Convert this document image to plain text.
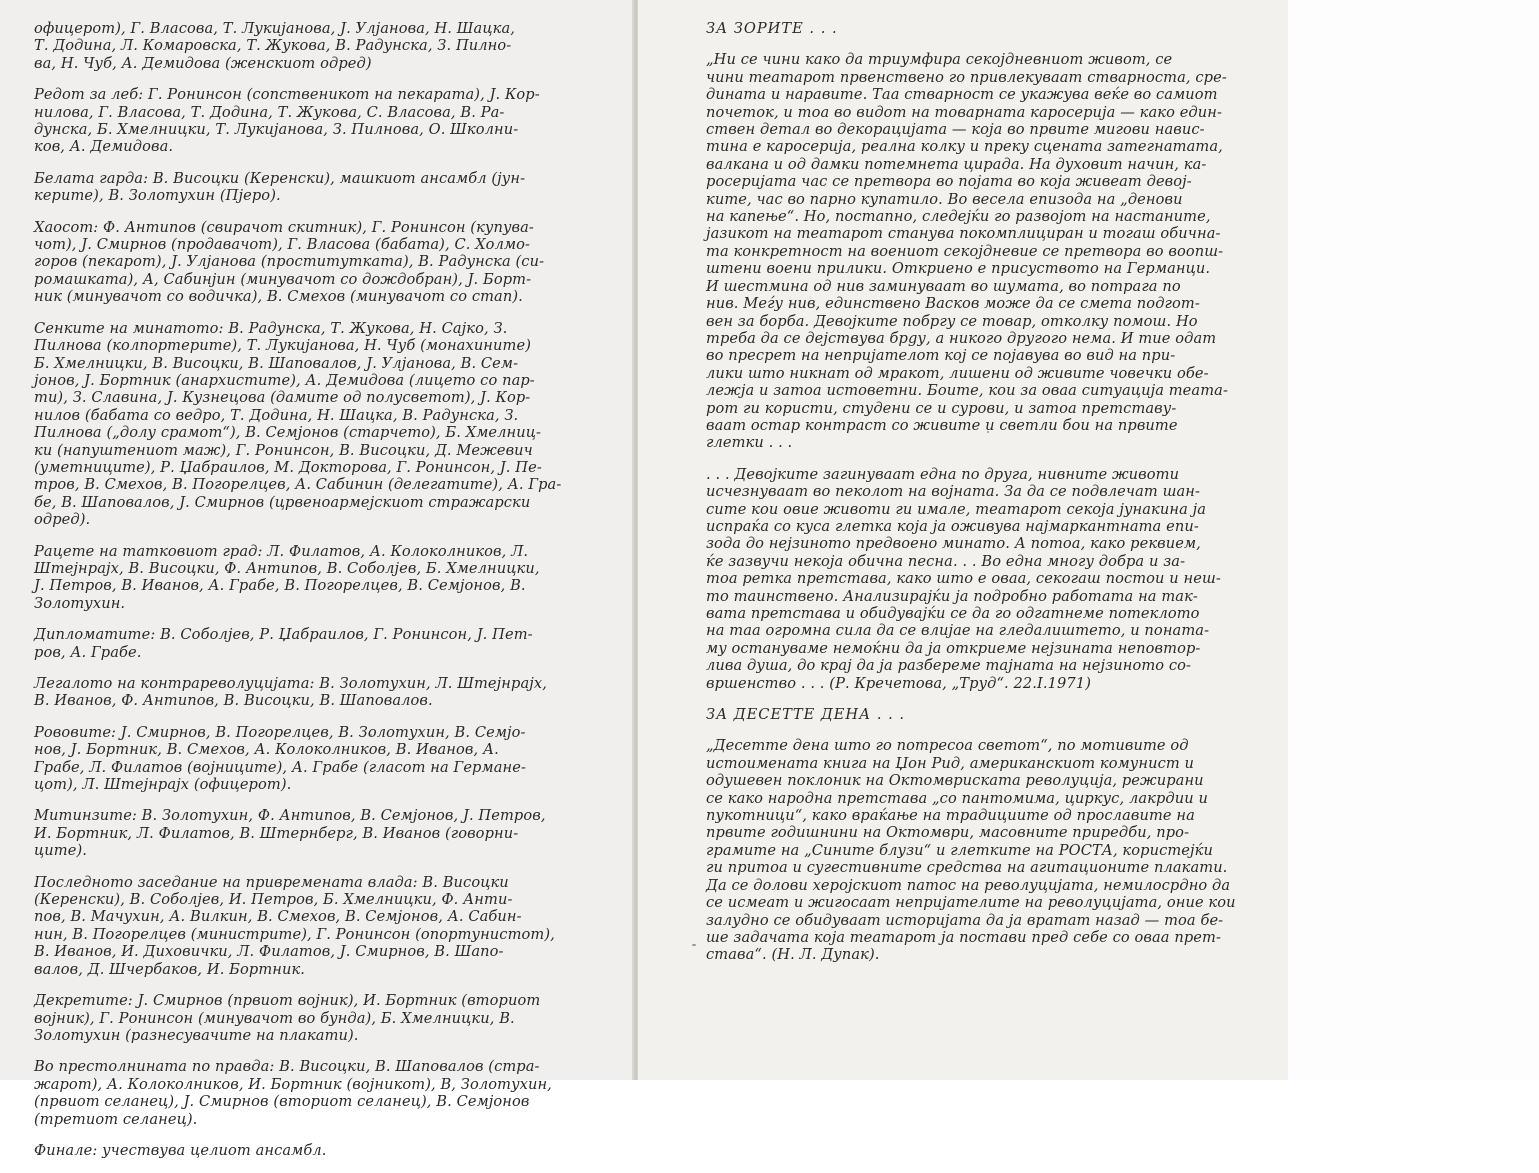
офицерот), Г. Власова, Т. Лукијанова, Ј. Улјанова, Н. Шацка,
Т. Додина, Л. Комаровска, Т. Жукова, В. Радунска, З. Пилно-
ва, Н. Чуб, А. Демидова (женскиот одред)
Редот за леб: Г. Ронинсон (сопственикот на пекарата), Ј. Кор-
нилова, Г. Власова, Т. Додина, Т. Жукова, С. Власова, В. Ра-
дунска, Б. Хмелницки, Т. Лукијанова, З. Пилнова, О. Школни-
ков, А. Демидова.
Белата гарда: В. Висоцки (Керенски), машкиот ансамбл (јун-
керите), В. Золотухин (Пјеро).
Хаосот: Ф. Антипов (свирачот скитник), Г. Ронинсон (купува-
чот), Ј. Смирнов (продавачот), Г. Власова (бабата), С. Холмо-
горов (пекарот), Ј. Улјанова (проститутката), В. Радунска (си-
ромашката), А, Сабинјин (минувачот со дождобран), Ј. Борт-
ник (минувачот со водичка), В. Смехов (минувачот со стап).
Сенките на минатото: В. Радунска, Т. Жукова, Н. Сајко, З.
Пилнова (колпортерите), Т. Лукијанова, Н. Чуб (монахините)
Б. Хмелницки, В. Висоцки, В. Шаповалов, Ј. Улјанова, В. Сем-
јонов, Ј. Бортник (анархистите), А. Демидова (лицето со пар-
ти), З. Славина, Ј. Кузнецова (дамите од полусветот), Ј. Кор-
нилов (бабата со ведро, Т. Додина, Н. Шацка, В. Радунска, З.
Пилнова („долу срамот“), В. Семјонов (старчето), Б. Хмелниц-
ки (напуштениот маж), Г. Ронинсон, В. Висоцки, Д. Межевич
(уметниците), Р. Џабраилов, М. Докторова, Г. Ронинсон, Ј. Пе-
тров, В. Смехов, В. Погорелцев, А. Сабинин (делегатите), А. Гра-
бе, В. Шаповалов, Ј. Смирнов (црвеноармејскиот стражарски
одред).
Рацете на татковиот град: Л. Филатов, А. Колоколников, Л.
Штејнрајх, В. Висоцки, Ф. Антипов, В. Соболјев, Б. Хмелницки,
Ј. Петров, В. Иванов, А. Грабе, В. Погорелцев, В. Семјонов, В.
Золотухин.
Дипломатите: В. Соболјев, Р. Џабраилов, Г. Ронинсон, Ј. Пет-
ров, А. Грабе.
Легалото на контрареволуцијата: В. Золотухин, Л. Штејнрајх,
В. Иванов, Ф. Антипов, В. Висоцки, В. Шаповалов.
Рововите: Ј. Смирнов, В. Погорелцев, В. Золотухин, В. Семјо-
нов, Ј. Бортник, В. Смехов, А. Колоколников, В. Иванов, А.
Грабе, Л. Филатов (војниците), А. Грабе (гласот на Германе-
цот), Л. Штејнрајх (офицерот).
Митинзите: В. Золотухин, Ф. Антипов, В. Семјонов, Ј. Петров,
И. Бортник, Л. Филатов, В. Штернберг, В. Иванов (говорни-
ците).
Последното заседание на привремената влада: В. Висоцки
(Керенски), В. Соболјев, И. Петров, Б. Хмелницки, Ф. Анти-
пов, В. Мачухин, А. Вилкин, В. Смехов, В. Семјонов, А. Сабин-
нин, В. Погорелцев (министрите), Г. Ронинсон (опортунистот),
В. Иванов, И. Диховички, Л. Филатов, Ј. Смирнов, В. Шапо-
валов, Д. Шчербаков, И. Бортник.
Декретите: Ј. Смирнов (првиот војник), И. Бортник (вториот
војник), Г. Ронинсон (минувачот во бунда), Б. Хмелницки, В.
Золотухин (разнесувачите на плакати).
Во престолнината по правда: В. Висоцки, В. Шаповалов (стра-
жарот), А. Колоколников, И. Бортник (војникот), В, Золотухин,
(првиот селанец), Ј. Смирнов (вториот селанец), В. Семјонов
(третиот селанец).
Финале: учествува целиот ансамбл.
ЗА ЗОРИТЕ . . .
„Ни се чини како да триумфира секојдневниот живот, се
чини театарот првенствено го привлекуваат стварноста, сре-
дината и наравите. Таа стварност се укажува веќе во самиот
почеток, и тоа во видот на товарната каросерија — како един-
ствен детал во декорацијата — која во првите мигови навис-
тина е каросерија, реална колку и преку сцената затегнатата,
валкана и од дамки потемнета цирада. На духовит начин, ка-
росеријата час се претвора во појата во која живеат девој-
ките, час во парно купатило. Во весела епизода на „денови
на капење“. Но, постапно, следејќи го развојот на настаните,
јазикот на театарот станува покомплициран и тогаш обична-
та конкретност на воениот секојдневие се претвора во воопш-
штени воени прилики. Откриено е присуството на Германци.
И шестмина од нив заминуваат во шумата, во потрага по
нив. Меѓу нив, единствено Васков може да се смета подгот-
вен за борба. Девојките побргу се товар, отколку помош. Но
треба да се дејствува брgу, а никого другого нема. И тие одат
во пресрет на непријателот кој се појавува во вид на при-
лики што никнат од мракот, лишени од живите човечки обе-
лежја и затоа истоветни. Боите, кои за оваа ситуација театa-
рот ги користи, студени се и сурови, и затоа претставу-
ваат остар контраст со живите и светли бои на првите
глетки . . .
. . . Девојките загинуваат една по друга, нивните животи
исчезнуваат во пеколот на војната. За да се подвлечат шан-
сите кои овие животи ги имале, театарот секоја јунакина ја
испраќа со куса глетка која ја оживува најмаркантната епи-
зода до нејзиното предвоено минато. А потоа, како реквием,
ќе зазвучи некоја обична песна. . . Во една многу добра и за-
тоа ретка претстава, како што е оваа, секогаш постои и неш-
то таинствено. Анализирајќи ја подробно работата на так-
вата претстава и обидувајќи се да го одгатнеме потеклото
на таа огромна сила да се влијае на гледалиштето, и поната-
му остануваме немоќни да ја откриеме нејзината неповтор-
лива душа, до крај да ја разбереме тајната на нејзиното со-
вршенство . . . (Р. Кречетова, „Труд“. 22.I.1971)
ЗА ДЕСЕТТЕ ДЕНА . . .
„Десетте дена што го потресоа светот“, по мотивите од
истоимената книга на Џон Рид, американскиот комунист и
одушевен поклоник на Октомвриската револуција, режирани
се како народна претстава „со пантомима, циркус, лакрдии и
пукотници“, како враќање на традициите од прославите на
првите годишнини на Октомври, масовните приредби, про-
грамите на „Сините блузи“ и глетките на РОСТА, користејќи
ги притоа и сугестивните средства на агитационите плакати.
Да се долови херојскиот патос на револуцијата, немилосрдно да
се исмеат и жигосаат непријателите на револуцијата, оние кои
залудно се обидуваат историјата да ја вратат назад — тоа бе-
ше задачата која театарот ја постави пред себе со оваа прет-
става“. (Н. Л. Дупак).
